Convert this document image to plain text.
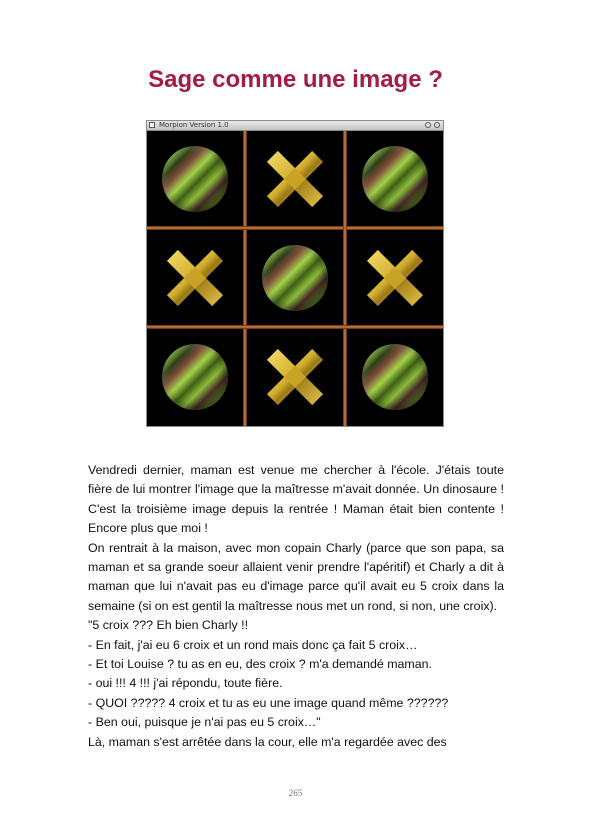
Sage comme une image ?
Morpion Version 1.0
Vendredi dernier, maman est venue me chercher à l'école. J'étais toute fière de lui montrer l'image que la maîtresse m'avait donnée. Un dinosaure ! C'est la troisième image depuis la rentrée ! Maman était bien contente ! Encore plus que moi !
On rentrait à la maison, avec mon copain Charly (parce que son papa, sa maman et sa grande soeur allaient venir prendre l'apéritif) et Charly a dit à maman que lui n'avait pas eu d'image parce qu'il avait eu 5 croix dans la semaine (si on est gentil la maîtresse nous met un rond, si non, une croix).
"5 croix ??? Eh bien Charly !!
- En fait, j'ai eu 6 croix et un rond mais donc ça fait 5 croix…
- Et toi Louise ? tu as en eu, des croix ? m'a demandé maman.
- oui !!! 4 !!! j'ai répondu, toute fière.
- QUOI ????? 4 croix et tu as eu une image quand même ??????
- Ben oui, puisque je n'ai pas eu 5 croix…"
Là, maman s'est arrêtée dans la cour, elle m'a regardée avec des
265
